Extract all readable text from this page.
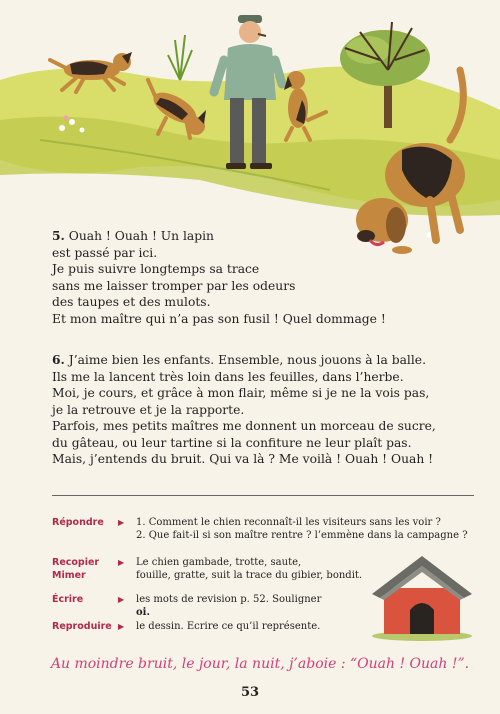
5. Ouah ! Ouah ! Un lapin
est passé par ici.
Je puis suivre longtemps sa trace
sans me laisser tromper par les odeurs
des taupes et des mulots.
Et mon maître qui n’a pas son fusil ! Quel dommage !
6. J’aime bien les enfants. Ensemble, nous jouons à la balle.
Ils me la lancent très loin dans les feuilles, dans l’herbe.
Moi, je cours, et grâce à mon flair, même si je ne la vois pas,
je la retrouve et je la rapporte.
Parfois, mes petits maîtres me donnent un morceau de sucre,
du gâteau, ou leur tartine si la confiture ne leur plaît pas.
Mais, j’entends du bruit. Qui va là ? Me voilà ! Ouah ! Ouah !
Répondre	▶ 1. Comment le chien reconnaît-il les visiteurs sans les voir ?
2. Que fait-il si son maître rentre ? l’emmène dans la campagne ?
Recopier
Mimer
▶ Le chien gambade, trotte, saute,
fouille, gratte, suit la trace du gibier, bondit.
Écrire	▶ les mots de revision p. 52. Souligner
oi.
Reproduire ▶ le dessin. Ecrire ce qu’il représente.
Au moindre bruit, le jour, la nuit, j’aboie : “Ouah ! Ouah !”.
53
